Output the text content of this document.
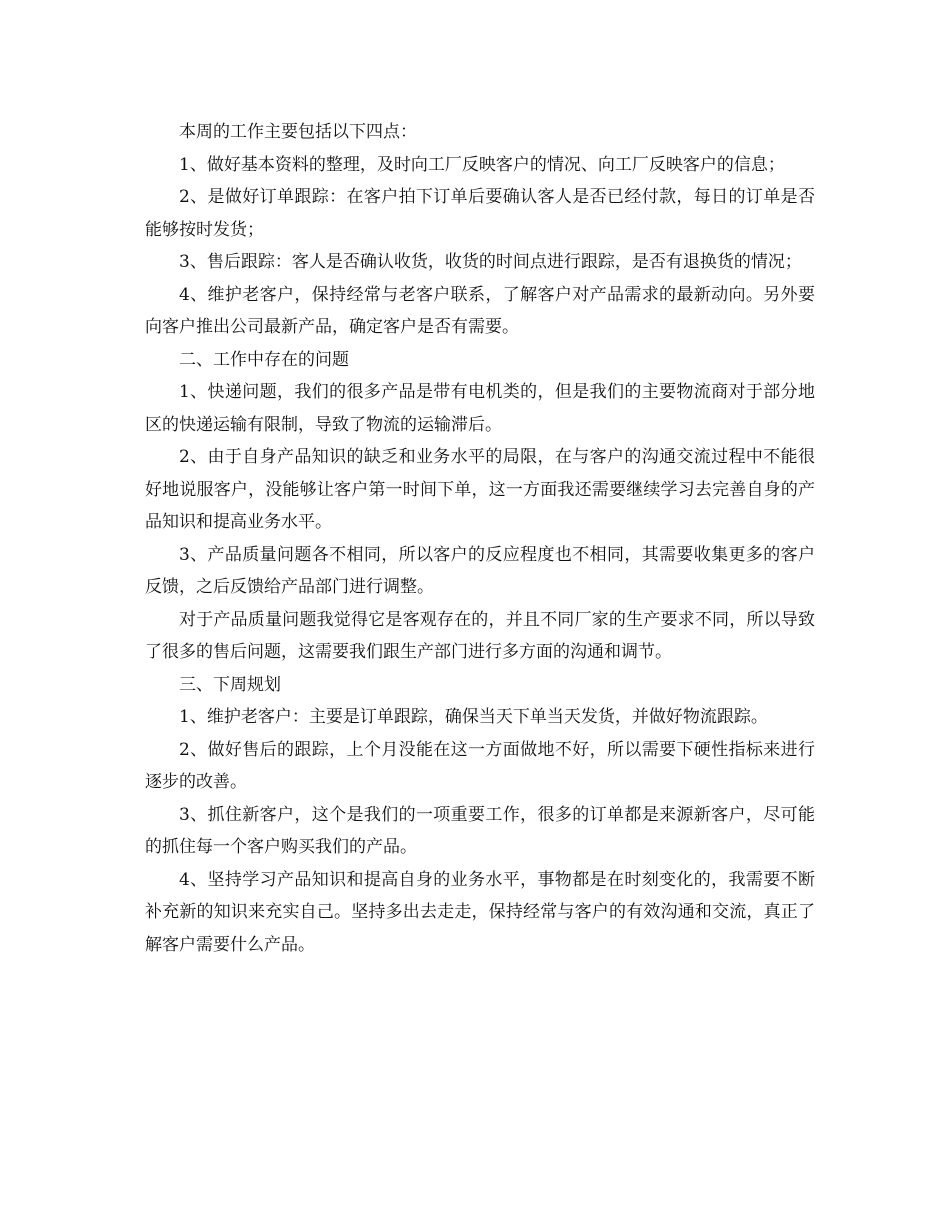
本周的工作主要包括以下四点：

1、做好基本资料的整理，及时向工厂反映客户的情况、向工厂反映客户的信息；

2、是做好订单跟踪：在客户拍下订单后要确认客人是否已经付款，每日的订单是否能够按时发货；

3、售后跟踪：客人是否确认收货，收货的时间点进行跟踪，是否有退换货的情况；

4、维护老客户，保持经常与老客户联系，了解客户对产品需求的最新动向。另外要向客户推出公司最新产品，确定客户是否有需要。

二、工作中存在的问题

1、快递问题，我们的很多产品是带有电机类的，但是我们的主要物流商对于部分地区的快递运输有限制，导致了物流的运输滞后。

2、由于自身产品知识的缺乏和业务水平的局限，在与客户的沟通交流过程中不能很好地说服客户，没能够让客户第一时间下单，这一方面我还需要继续学习去完善自身的产品知识和提高业务水平。

3、产品质量问题各不相同，所以客户的反应程度也不相同，其需要收集更多的客户反馈，之后反馈给产品部门进行调整。

对于产品质量问题我觉得它是客观存在的，并且不同厂家的生产要求不同，所以导致了很多的售后问题，这需要我们跟生产部门进行多方面的沟通和调节。

三、下周规划

1、维护老客户：主要是订单跟踪，确保当天下单当天发货，并做好物流跟踪。

2、做好售后的跟踪，上个月没能在这一方面做地不好，所以需要下硬性指标来进行逐步的改善。

3、抓住新客户，这个是我们的一项重要工作，很多的订单都是来源新客户，尽可能的抓住每一个客户购买我们的产品。

4、坚持学习产品知识和提高自身的业务水平，事物都是在时刻变化的，我需要不断补充新的知识来充实自己。坚持多出去走走，保持经常与客户的有效沟通和交流，真正了解客户需要什么产品。
